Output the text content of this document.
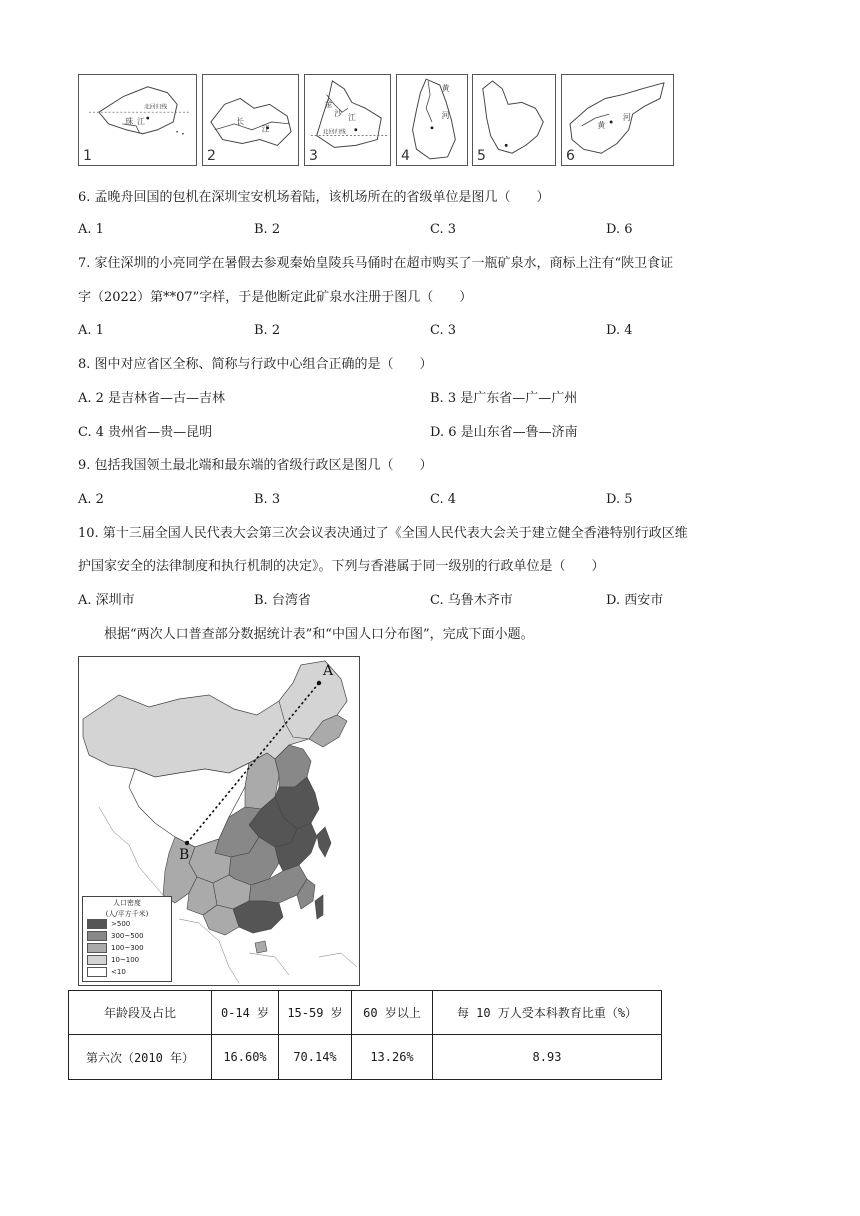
北回归线
珠 江
1
长
江
2
金
沙 江
北回归线
3
黄
河
4	5
黄
河
6
6. 孟晚舟回国的包机在深圳宝安机场着陆，该机场所在的省级单位是图几（　　）
A. 1	B. 2	C. 3	D. 6
7. 家住深圳的小亮同学在暑假去参观秦始皇陵兵马俑时在超市购买了一瓶矿泉水，商标上注有“陕卫食证
字（2022）第**07”字样，于是他断定此矿泉水注册于图几（　　）
A. 1	B. 2	C. 3	D. 4
8. 图中对应省区全称、简称与行政中心组合正确的是（　　）
A. 2 是吉林省—古—吉林	B. 3 是广东省—广—广州
C. 4 贵州省—贵—昆明	D. 6 是山东省—鲁—济南
9. 包括我国领土最北端和最东端的省级行政区是图几（　　）
A. 2	B. 3	C. 4	D. 5
10. 第十三届全国人民代表大会第三次会议表决通过了《全国人民代表大会关于建立健全香港特别行政区维
护国家安全的法律制度和执行机制的决定》。下列与香港属于同一级别的行政单位是（　　）
A. 深圳市	B. 台湾省	C. 乌鲁木齐市	D. 西安市
根据“两次人口普查部分数据统计表”和“中国人口分布图”，完成下面小题。
A
B
人口密度
(人/平方千米)
>500
300~500
100~300
10~100
<10
年龄段及占比	0-14 岁	15-59 岁	60 岁以上	每 10 万人受本科教育比重（%）
第六次（2010 年）	16.60%	70.14%	13.26%	8.93
